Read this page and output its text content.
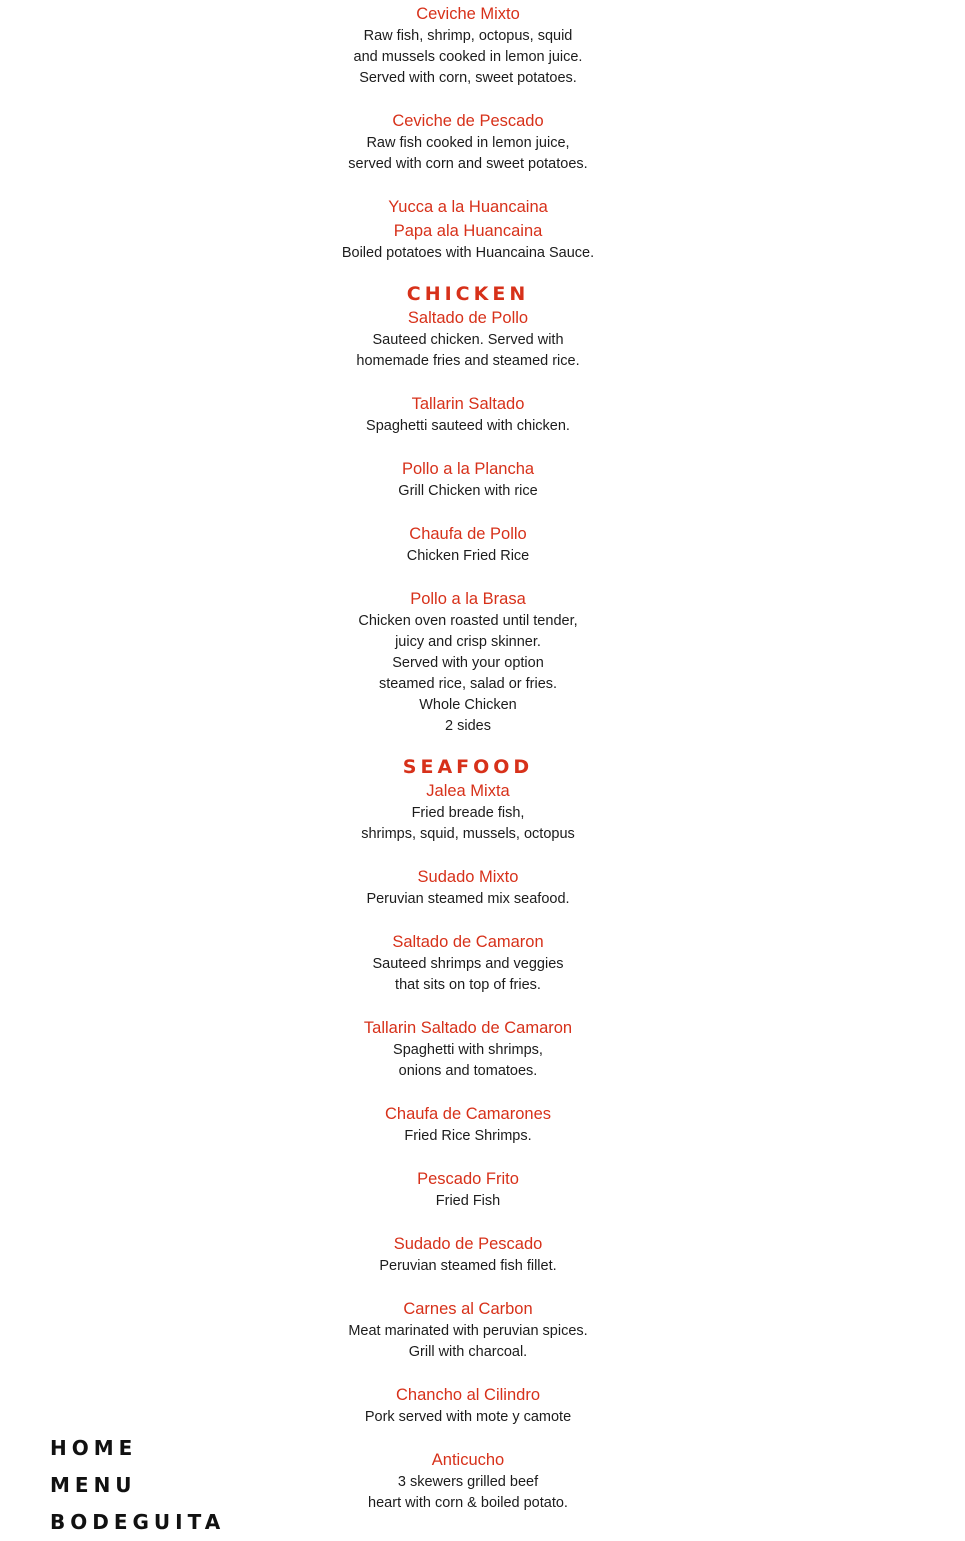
Ceviche Mixto

Raw fish, shrimp, octopus, squid
and mussels cooked in lemon juice.
Served with corn, sweet potatoes.

Ceviche de Pescado

Raw fish cooked in lemon juice,
served with corn and sweet potatoes.

Yucca a la Huancaina
Papa ala Huancaina

Boiled potatoes with Huancaina Sauce.

CHICKEN

Saltado de Pollo

Sauteed chicken. Served with
homemade fries and steamed rice.

Tallarin Saltado

Spaghetti sauteed with chicken.

Pollo a la Plancha

Grill Chicken with rice

Chaufa de Pollo

Chicken Fried Rice

Pollo a la Brasa

Chicken oven roasted until tender,
juicy and crisp skinner.
Served with your option
steamed rice, salad or fries.
Whole Chicken
2 sides

SEAFOOD

Jalea Mixta

Fried breade fish,
shrimps, squid, mussels, octopus

Sudado Mixto

Peruvian steamed mix seafood.

Saltado de Camaron

Sauteed shrimps and veggies
that sits on top of fries.

Tallarin Saltado de Camaron

Spaghetti with shrimps,
onions and tomatoes.

Chaufa de Camarones

Fried Rice Shrimps.

Pescado Frito

Fried Fish

Sudado de Pescado

Peruvian steamed fish fillet.

Carnes al Carbon

Meat marinated with peruvian spices.
Grill with charcoal.

Chancho al Cilindro

Pork served with mote y camote

Anticucho

3 skewers grilled beef
heart with corn & boiled potato.

HOME
MENU
BODEGUITA
